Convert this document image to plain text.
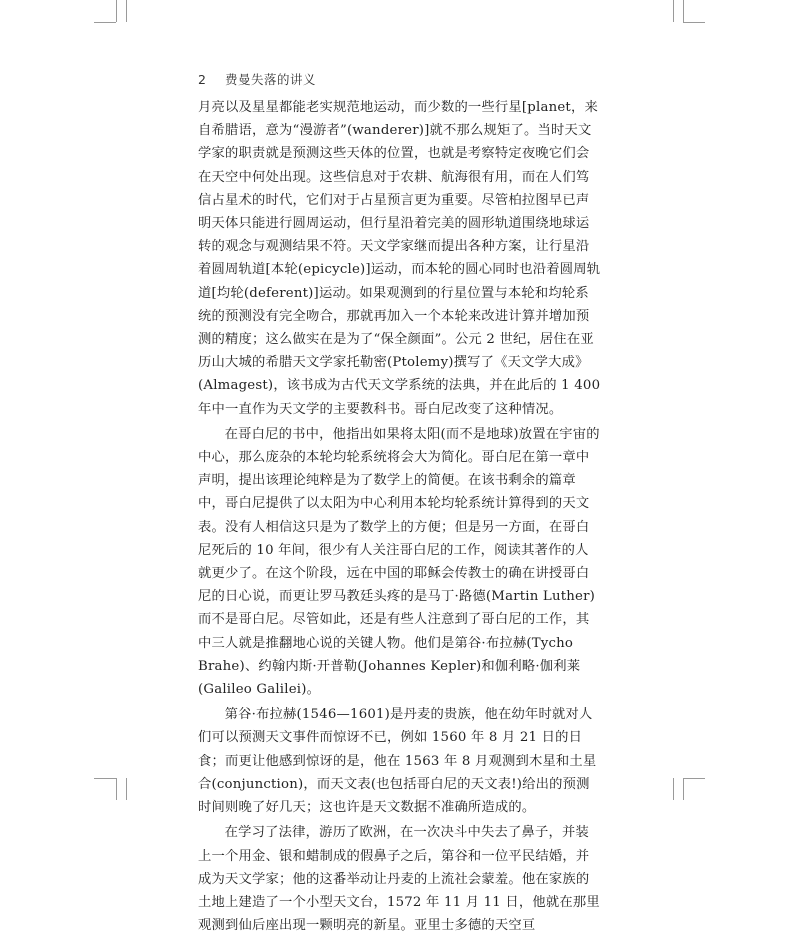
2 费曼失落的讲义

月亮以及星星都能老实规范地运动，而少数的一些行星[planet，来自希腊语，意为“漫游者”(wanderer)]就不那么规矩了。当时天文学家的职责就是预测这些天体的位置，也就是考察特定夜晚它们会在天空中何处出现。这些信息对于农耕、航海很有用，而在人们笃信占星术的时代，它们对于占星预言更为重要。尽管柏拉图早已声明天体只能进行圆周运动，但行星沿着完美的圆形轨道围绕地球运转的观念与观测结果不符。天文学家继而提出各种方案，让行星沿着圆周轨道[本轮(epicycle)]运动，而本轮的圆心同时也沿着圆周轨道[均轮(deferent)]运动。如果观测到的行星位置与本轮和均轮系统的预测没有完全吻合，那就再加入一个本轮来改进计算并增加预测的精度；这么做实在是为了“保全颜面”。公元 2 世纪，居住在亚历山大城的希腊天文学家托勒密(Ptolemy)撰写了《天文学大成》(Almagest)，该书成为古代天文学系统的法典，并在此后的 1 400 年中一直作为天文学的主要教科书。哥白尼改变了这种情况。

在哥白尼的书中，他指出如果将太阳(而不是地球)放置在宇宙的中心，那么庞杂的本轮均轮系统将会大为简化。哥白尼在第一章中声明，提出该理论纯粹是为了数学上的简便。在该书剩余的篇章中，哥白尼提供了以太阳为中心利用本轮均轮系统计算得到的天文表。没有人相信这只是为了数学上的方便；但是另一方面，在哥白尼死后的 10 年间，很少有人关注哥白尼的工作，阅读其著作的人就更少了。在这个阶段，远在中国的耶稣会传教士的确在讲授哥白尼的日心说，而更让罗马教廷头疼的是马丁·路德(Martin Luther)而不是哥白尼。尽管如此，还是有些人注意到了哥白尼的工作，其中三人就是推翻地心说的关键人物。他们是第谷·布拉赫(Tycho Brahe)、约翰内斯·开普勒(Johannes Kepler)和伽利略·伽利莱(Galileo Galilei)。

第谷·布拉赫(1546—1601)是丹麦的贵族，他在幼年时就对人们可以预测天文事件而惊讶不已，例如 1560 年 8 月 21 日的日食；而更让他感到惊讶的是，他在 1563 年 8 月观测到木星和土星合(conjunction)，而天文表(也包括哥白尼的天文表!)给出的预测时间则晚了好几天；这也许是天文数据不准确所造成的。

在学习了法律，游历了欧洲，在一次决斗中失去了鼻子，并装上一个用金、银和蜡制成的假鼻子之后，第谷和一位平民结婚，并成为天文学家；他的这番举动让丹麦的上流社会蒙羞。他在家族的土地上建造了一个小型天文台，1572 年 11 月 11 日，他就在那里观测到仙后座出现一颗明亮的新星。亚里士多德的天空亘
